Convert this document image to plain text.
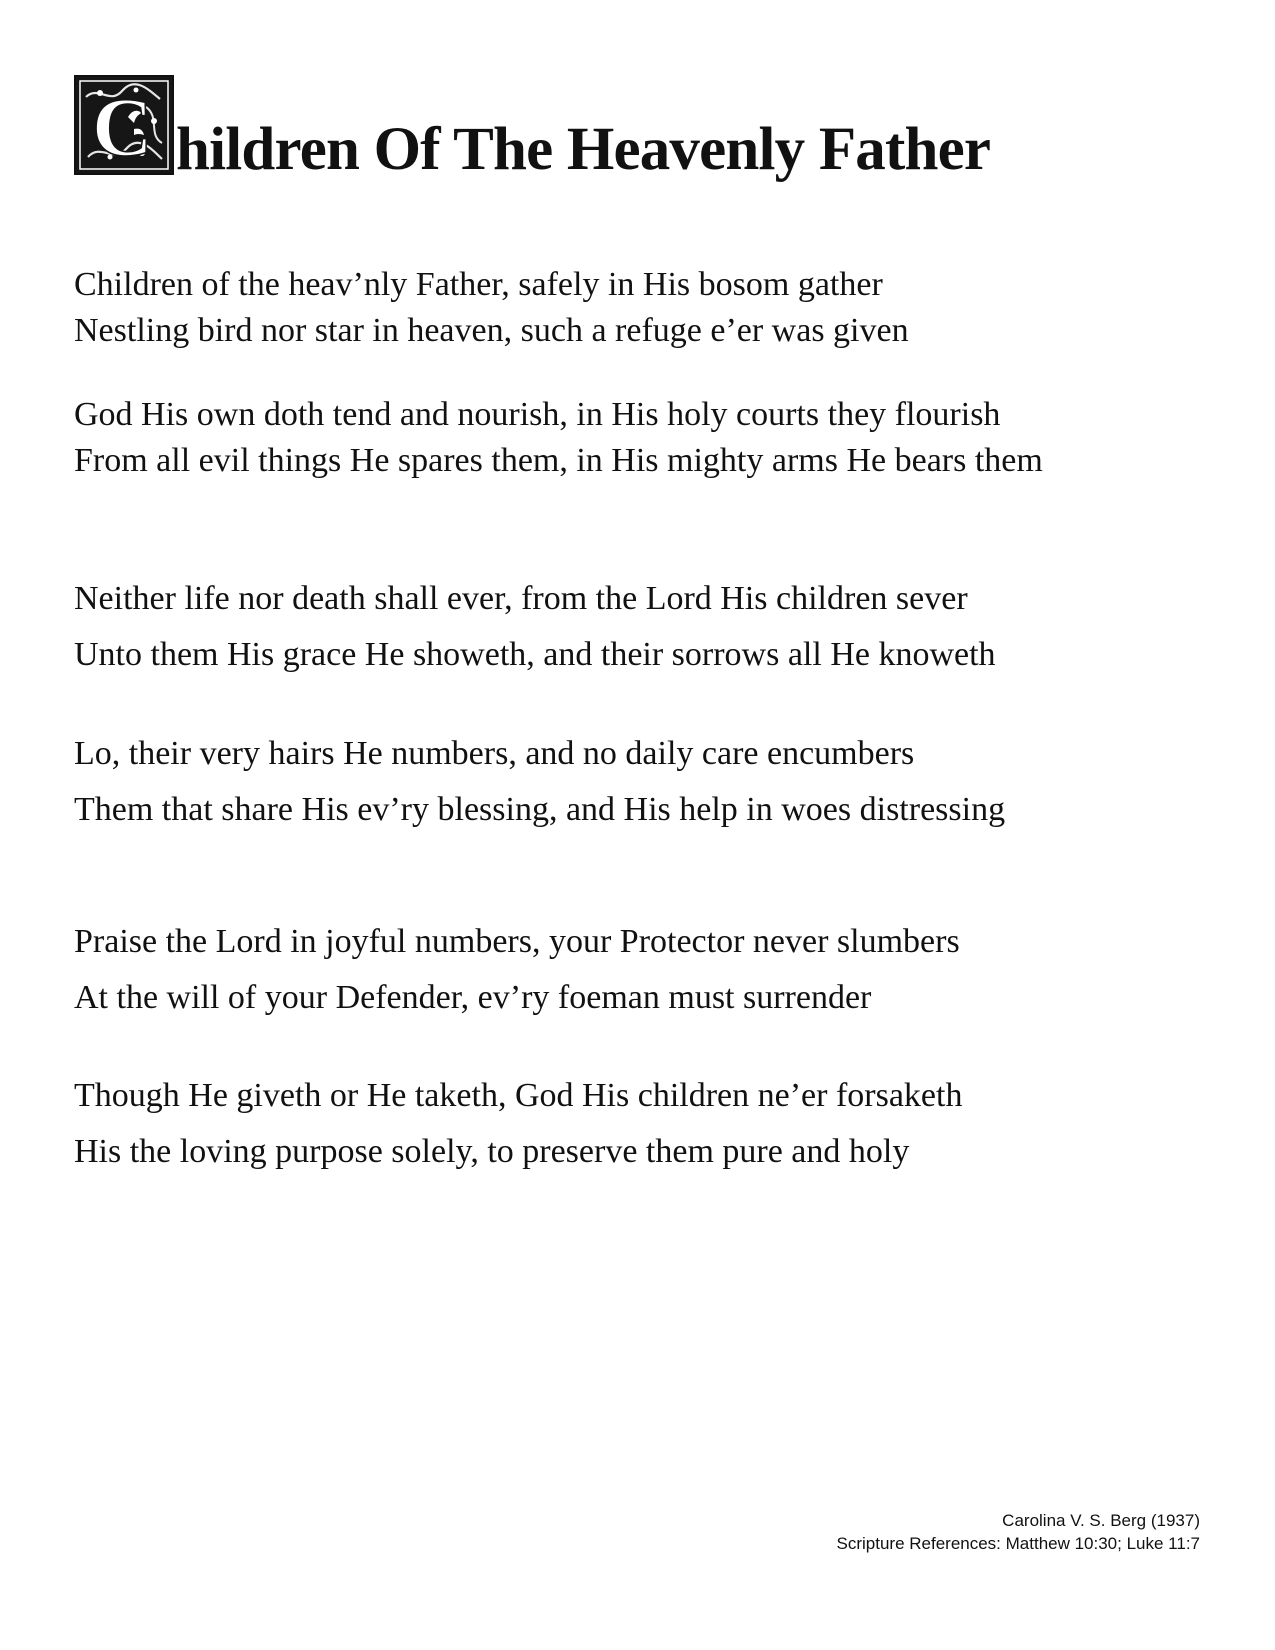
C hildren Of The Heavenly Father
Children of the heav’nly Father, safely in His bosom gather
Nestling bird nor star in heaven, such a refuge e’er was given
God His own doth tend and nourish, in His holy courts they flourish
From all evil things He spares them, in His mighty arms He bears them
Neither life nor death shall ever, from the Lord His children sever
Unto them His grace He showeth, and their sorrows all He knoweth
Lo, their very hairs He numbers, and no daily care encumbers
Them that share His ev’ry blessing, and His help in woes distressing
Praise the Lord in joyful numbers, your Protector never slumbers
At the will of your Defender, ev’ry foeman must surrender
Though He giveth or He taketh, God His children ne’er forsaketh
His the loving purpose solely, to preserve them pure and holy
Carolina V. S. Berg (1937)
Scripture References: Matthew 10:30; Luke 11:7
